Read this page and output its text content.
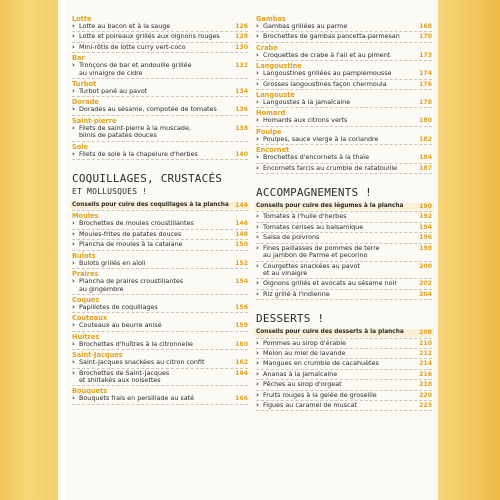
Lotte
› Lotte au bacon et à la sauge	126
› Lotte et poireaux grillés aux oignons rouges	128
› Mini-rôtis de lotte curry vert-coco	130
Bar
› Tronçons de bar et andouille grillée
au vinaigre de cidre
132
Turbot
› Turbot pané au pavot	134
Dorade
› Dorades au sésame, compotée de tomates	136
Saint-pierre
› Filets de saint-pierre à la muscade,
blinis de patates douces
138
Sole
› Filets de sole à la chapelure d'herbes	140
COQUILLAGES, CRUSTACÉS
ET MOLLUSQUES !
Conseils pour cuire des coquillages à la plancha	144
Moules
› Brochettes de moules croustillantes	146
› Moules-frites de patates douces	148
› Plancha de moules à la catalane	150
Bulots
› Bulots grillés en aïoli	152
Praires
› Plancha de praires croustillantes
au gingembre
154
Coques
› Papillotes de coquillages	156
Couteaux
› Couteaux au beurre anisé	159
Huîtres
› Brochettes d'huîtres à la citronnelle	160
Saint-Jacques
› Saint-Jacques snackées au citron confit	162
› Brochettes de Saint-Jacques
et shiitakés aux noisettes
164
Bouquets
› Bouquets frais en persillade au saté	166
Gambas
› Gambas grillées au parme	168
› Brochettes de gambas pancetta-parmesan	170
Crabe
› Croquettes de crabe à l'ail et au piment	173
Langoustine
› Langoustines grillées au pamplemousse	174
› Grosses langoustines façon chermoula	176
Langouste
› Langoustes à la jamaïcaine	178
Homard
› Homards aux citrons verts	180
Poulpe
› Poulpes, sauce vierge à la coriandre	182
Encornet
› Brochettes d'encornets à la thaïe	184
› Encornets farcis au crumble de ratatouille	187
ACCOMPAGNEMENTS !
Conseils pour cuire des légumes à la plancha	190
› Tomates à l'huile d'herbes	192
› Tomates cerises au balsamique	194
› Salsa de poivrons	196
› Fines paillasses de pommes de terre
au jambon de Parme et pecorino
198
› Courgettes snackées au pavot
et au vinaigre
200
› Oignons grillés et avocats au sésame noir	202
› Riz grillé à l'indienne	204
DESSERTS !
Conseils pour cuire des desserts à la plancha	208
› Pommes au sirop d'érable	210
› Melon au miel de lavande	212
› Mangues en crumble de cacahuètes	214
› Ananas à la jamaïcaine	216
› Pêches au sirop d'orgeat	218
› Fruits rouges à la gelée de groseille	220
› Figues au caramel de muscat	223
